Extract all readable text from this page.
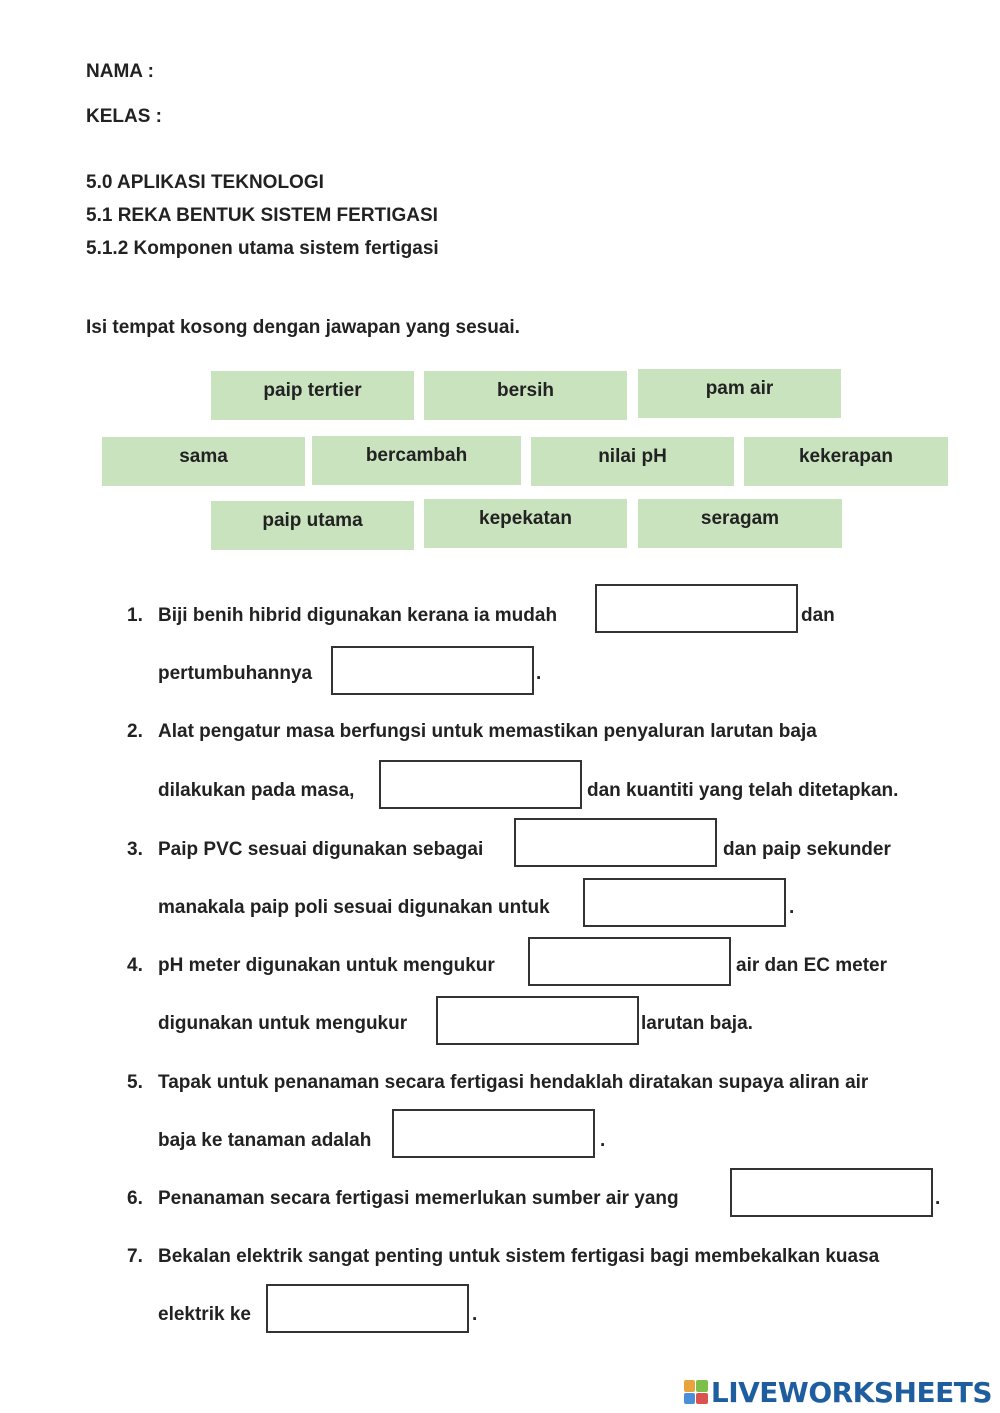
NAMA :
KELAS :
5.0 APLIKASI TEKNOLOGI
5.1 REKA BENTUK SISTEM FERTIGASI
5.1.2 Komponen utama sistem fertigasi
Isi tempat kosong dengan jawapan yang sesuai.
paip tertier	bersih	pam air
sama	bercambah	nilai pH	kekerapan
paip utama	kepekatan	seragam
1. Biji benih hibrid digunakan kerana ia mudah	dan
pertumbuhannya	.
2. Alat pengatur masa berfungsi untuk memastikan penyaluran larutan baja
dilakukan pada masa,	dan kuantiti yang telah ditetapkan.
3. Paip PVC sesuai digunakan sebagai	dan paip sekunder
manakala paip poli sesuai digunakan untuk	.
4. pH meter digunakan untuk mengukur	air dan EC meter
digunakan untuk mengukur	larutan baja.
5. Tapak untuk penanaman secara fertigasi hendaklah diratakan supaya aliran air
baja ke tanaman adalah	.
6. Penanaman secara fertigasi memerlukan sumber air yang	.
7. Bekalan elektrik sangat penting untuk sistem fertigasi bagi membekalkan kuasa
elektrik ke	.
LIVEWORKSHEETS
